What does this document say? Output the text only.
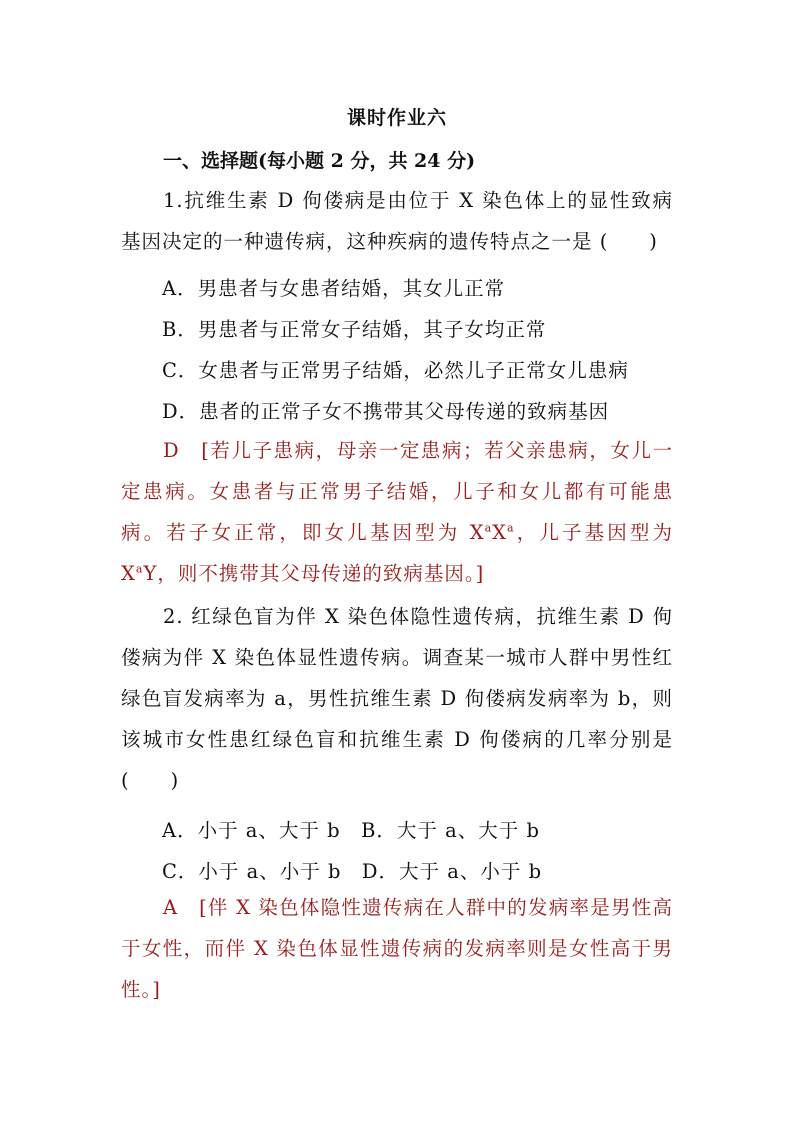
课时作业六
一、选择题(每小题 2 分，共 24 分)

1.抗维生素 D 佝偻病是由位于 X 染色体上的显性致病基因决定的一种遗传病，这种疾病的遗传特点之一是 (　　)

A．男患者与女患者结婚，其女儿正常
B．男患者与正常女子结婚，其子女均正常
C．女患者与正常男子结婚，必然儿子正常女儿患病
D．患者的正常子女不携带其父母传递的致病基因

D　[若儿子患病，母亲一定患病；若父亲患病，女儿一定患病。女患者与正常男子结婚，儿子和女儿都有可能患病。若子女正常，即女儿基因型为 $X^aX^a$，儿子基因型为 $X^aY$，则不携带其父母传递的致病基因。]

2. 红绿色盲为伴 X 染色体隐性遗传病，抗维生素 D 佝偻病为伴 X 染色体显性遗传病。调查某一城市人群中男性红绿色盲发病率为 a，男性抗维生素 D 佝偻病发病率为 b，则该城市女性患红绿色盲和抗维生素 D 佝偻病的几率分别是 (　　)

A．小于 a、大于 b　B．大于 a、大于 b
C．小于 a、小于 b　D．大于 a、小于 b

A　[伴 X 染色体隐性遗传病在人群中的发病率是男性高于女性，而伴 X 染色体显性遗传病的发病率则是女性高于男性。]
